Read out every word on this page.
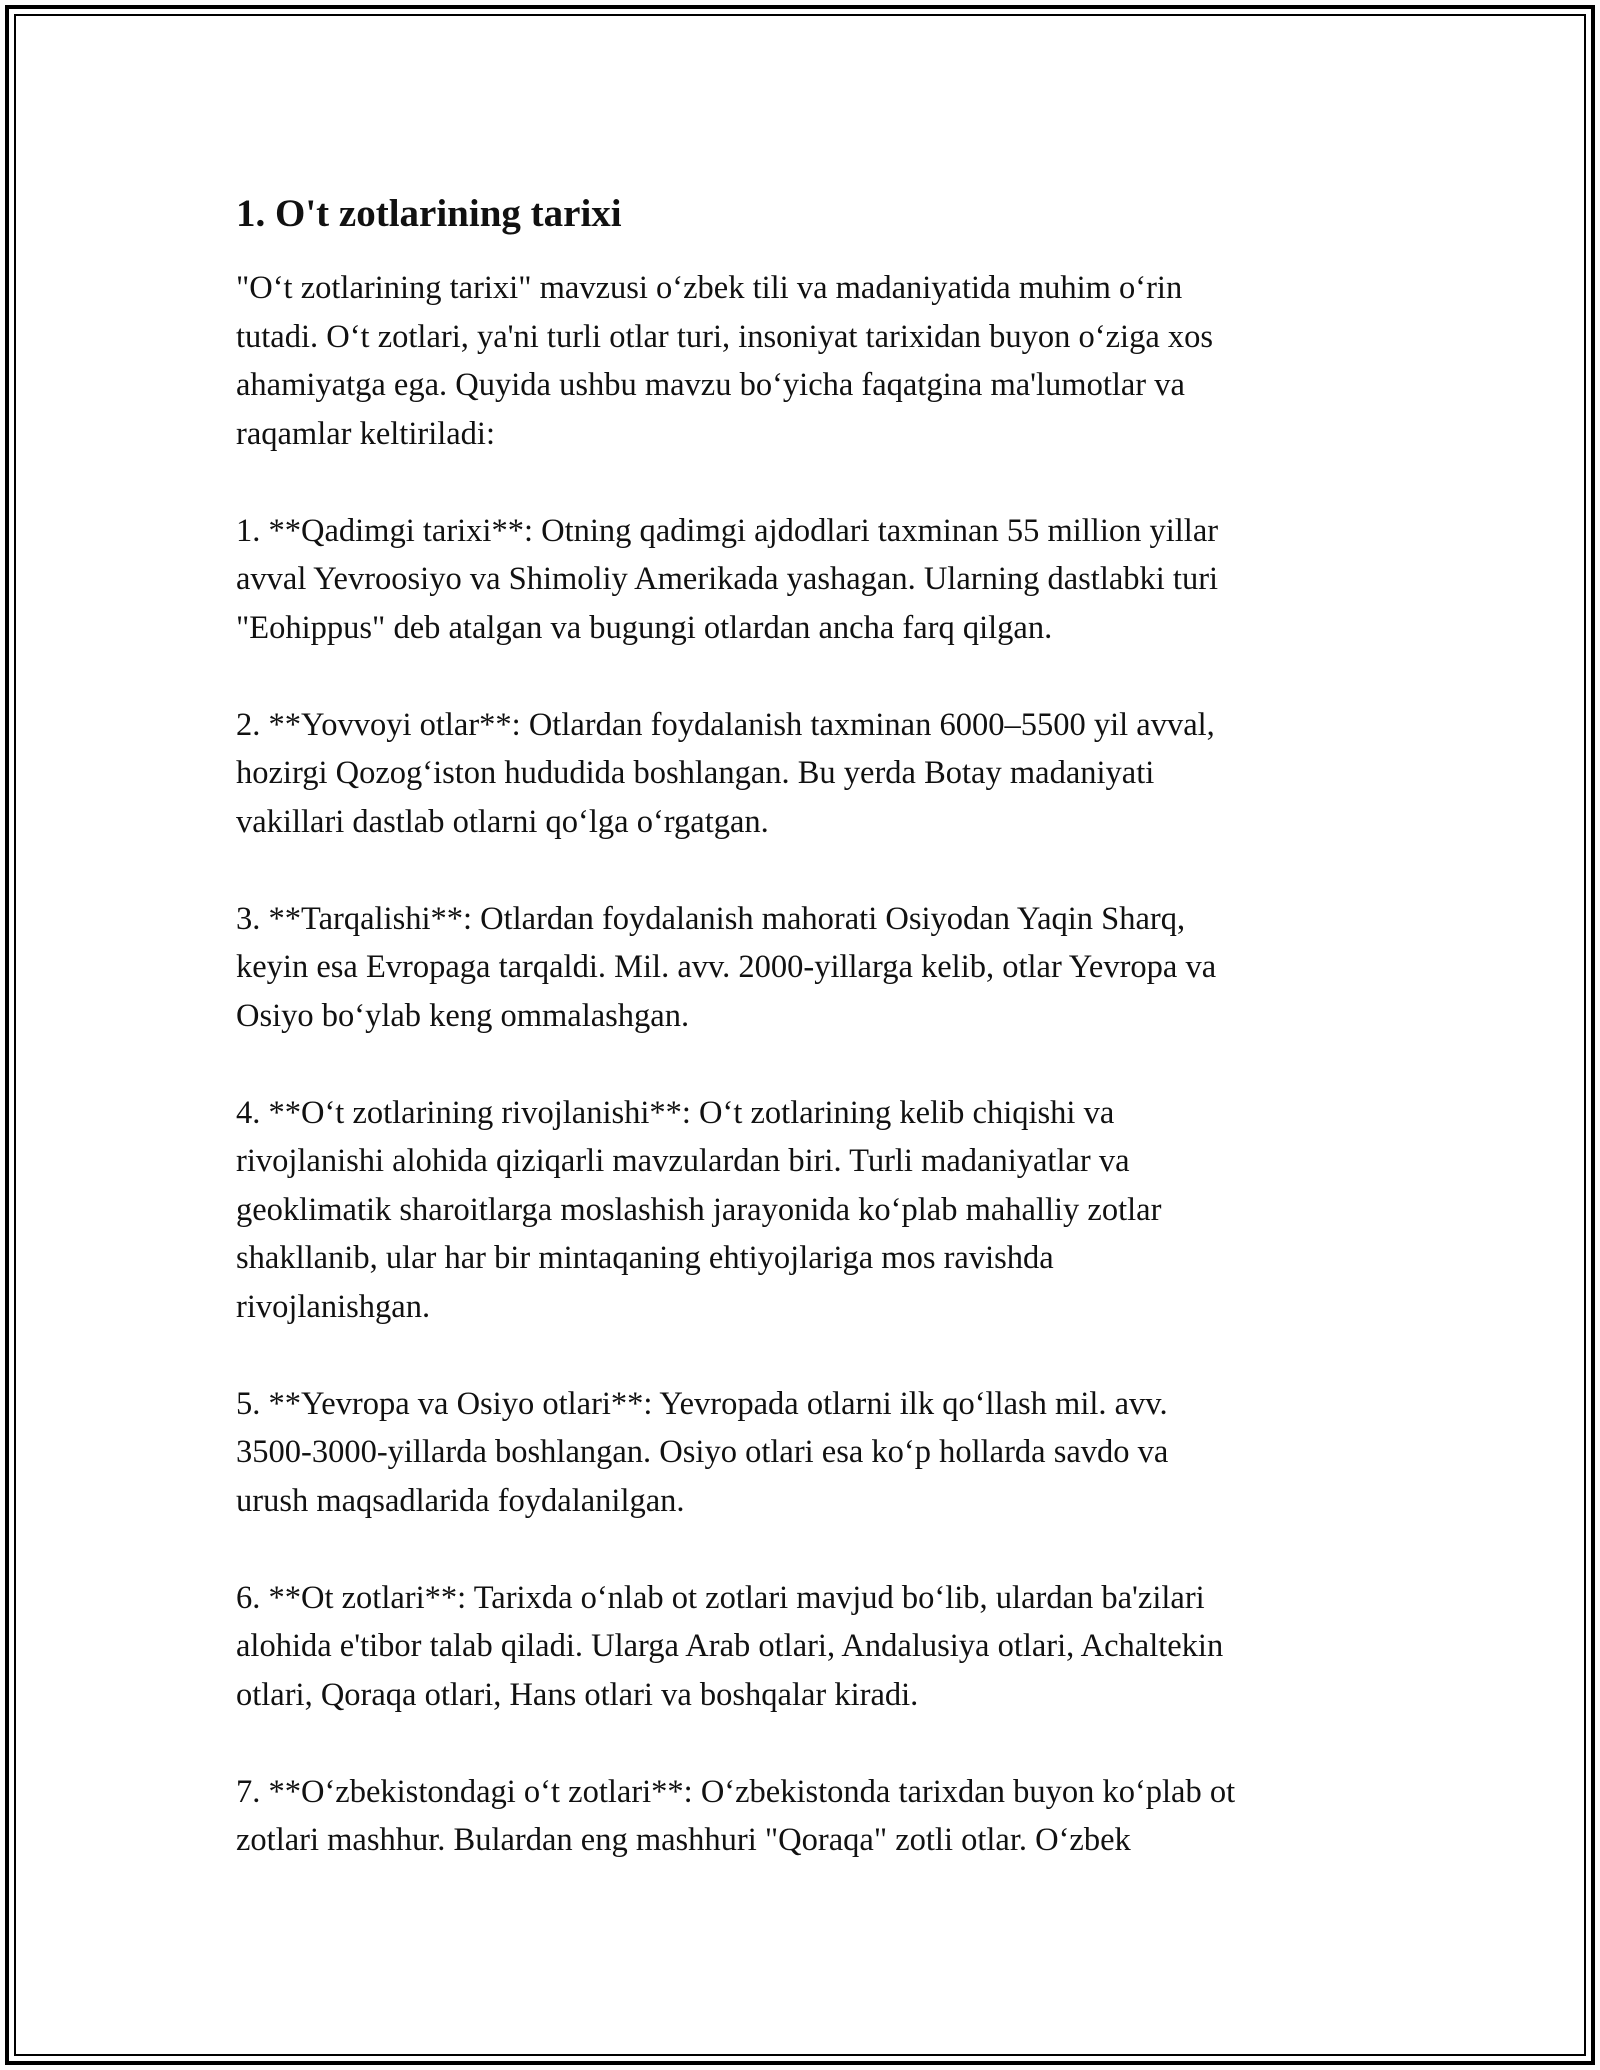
1. O't zotlarining tarixi

"O‘t zotlarining tarixi" mavzusi o‘zbek tili va madaniyatida muhim o‘rin
tutadi. O‘t zotlari, ya'ni turli otlar turi, insoniyat tarixidan buyon o‘ziga xos
ahamiyatga ega. Quyida ushbu mavzu bo‘yicha faqatgina ma'lumotlar va
raqamlar keltiriladi:

1. **Qadimgi tarixi**: Otning qadimgi ajdodlari taxminan 55 million yillar
avval Yevroosiyo va Shimoliy Amerikada yashagan. Ularning dastlabki turi
"Eohippus" deb atalgan va bugungi otlardan ancha farq qilgan.

2. **Yovvoyi otlar**: Otlardan foydalanish taxminan 6000–5500 yil avval,
hozirgi Qozog‘iston hududida boshlangan. Bu yerda Botay madaniyati
vakillari dastlab otlarni qo‘lga o‘rgatgan.

3. **Tarqalishi**: Otlardan foydalanish mahorati Osiyodan Yaqin Sharq,
keyin esa Evropaga tarqaldi. Mil. avv. 2000-yillarga kelib, otlar Yevropa va
Osiyo bo‘ylab keng ommalashgan.

4. **O‘t zotlarining rivojlanishi**: O‘t zotlarining kelib chiqishi va
rivojlanishi alohida qiziqarli mavzulardan biri. Turli madaniyatlar va
geoklimatik sharoitlarga moslashish jarayonida ko‘plab mahalliy zotlar
shakllanib, ular har bir mintaqaning ehtiyojlariga mos ravishda
rivojlanishgan.

5. **Yevropa va Osiyo otlari**: Yevropada otlarni ilk qo‘llash mil. avv.
3500-3000-yillarda boshlangan. Osiyo otlari esa ko‘p hollarda savdo va
urush maqsadlarida foydalanilgan.

6. **Ot zotlari**: Tarixda o‘nlab ot zotlari mavjud bo‘lib, ulardan ba'zilari
alohida e'tibor talab qiladi. Ularga Arab otlari, Andalusiya otlari, Achaltekin
otlari, Qoraqa otlari, Hans otlari va boshqalar kiradi.

7. **O‘zbekistondagi o‘t zotlari**: O‘zbekistonda tarixdan buyon ko‘plab ot
zotlari mashhur. Bulardan eng mashhuri "Qoraqa" zotli otlar. O‘zbek
